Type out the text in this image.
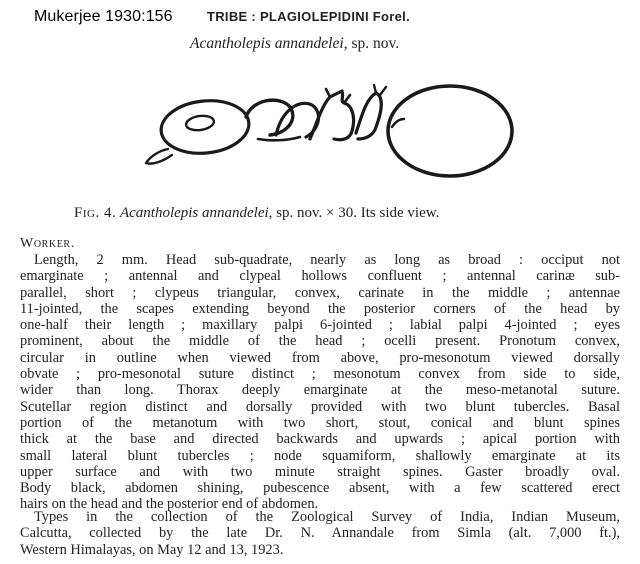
Mukerjee 1930:156	TRIBE : PLAGIOLEPIDINI Forel.
Acantholepis annandelei, sp. nov.
Fig. 4. Acantholepis annandelei, sp. nov. × 30. Its side view.
Worker.
Length, 2 mm. Head sub-quadrate, nearly as long as broad : occiput not
emarginate ; antennal and clypeal hollows confluent ; antennal carinæ sub-
parallel, short ; clypeus triangular, convex, carinate in the middle ; antennae
11-jointed, the scapes extending beyond the posterior corners of the head by
one-half their length ; maxillary palpi 6-jointed ; labial palpi 4-jointed ; eyes
prominent, about the middle of the head ; ocelli present. Pronotum convex,
circular in outline when viewed from above, pro-mesonotum viewed dorsally
obvate ; pro-mesonotal suture distinct ; mesonotum convex from side to side,
wider than long. Thorax deeply emarginate at the meso-metanotal suture.
Scutellar region distinct and dorsally provided with two blunt tubercles. Basal
portion of the metanotum with two short, stout, conical and blunt spines
thick at the base and directed backwards and upwards ; apical portion with
small lateral blunt tubercles ; node squamiform, shallowly emarginate at its
upper surface and with two minute straight spines. Gaster broadly oval.
Body black, abdomen shining, pubescence absent, with a few scattered erect
hairs on the head and the posterior end of abdomen.
Types in the collection of the Zoological Survey of India, Indian Museum,
Calcutta, collected by the late Dr. N. Annandale from Simla (alt. 7,000 ft.),
Western Himalayas, on May 12 and 13, 1923.
